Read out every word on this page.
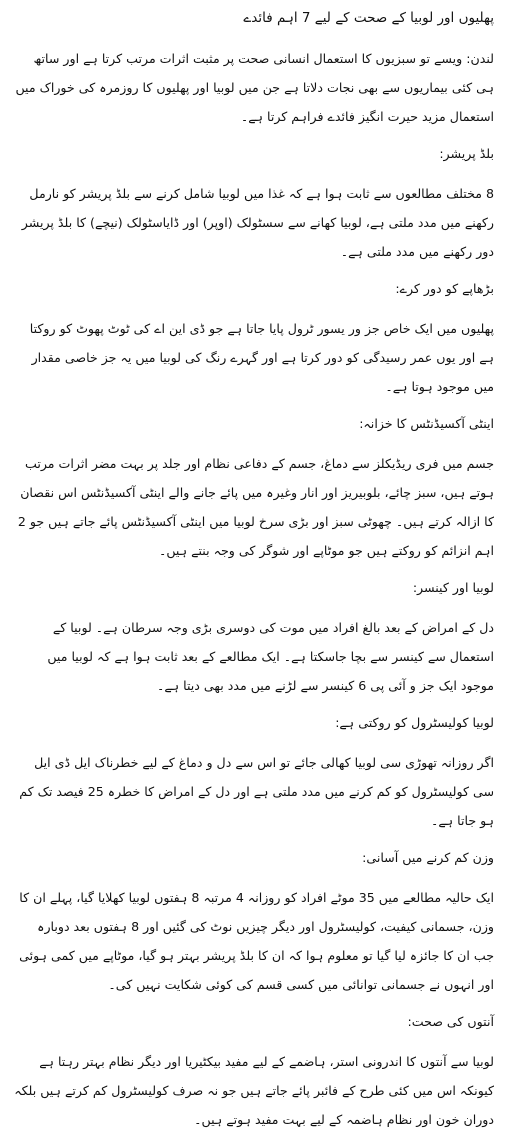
پھلیوں اور لوبیا کے صحت کے لیے 7 اہم فائدے

لندن: ویسے تو سبزیوں کا استعمال انسانی صحت پر مثبت اثرات مرتب کرتا ہے اور ساتھ ہی کئی بیماریوں سے بھی نجات دلاتا ہے جن میں لوبیا اور پھلیوں کا روزمرہ کی خوراک میں استعمال مزید حیرت انگیز فائدے فراہم کرتا ہے۔

بلڈ پریشر:

8 مختلف مطالعوں سے ثابت ہوا ہے کہ غذا میں لوبیا شامل کرنے سے بلڈ پریشر کو نارمل رکھنے میں مدد ملتی ہے، لوبیا کھانے سے سسٹولک (اوپر) اور ڈایاسٹولک (نیچے) کا بلڈ پریشر دور رکھنے میں مدد ملتی ہے۔

بڑھاپے کو دور کرے:

پھلیوں میں ایک خاص جز ور یسور ٹرول پایا جاتا ہے جو ڈی این اے کی ٹوٹ پھوٹ کو روکتا ہے اور یوں عمر رسیدگی کو دور کرتا ہے اور گہرے رنگ کی لوبیا میں یہ جز خاصی مقدار میں موجود ہوتا ہے۔

اینٹی آکسیڈنٹس کا خزانہ:

جسم میں فری ریڈیکلز سے دماغ، جسم کے دفاعی نظام اور جلد پر بہت مضر اثرات مرتب ہوتے ہیں، سبز چائے، بلوبیریز اور انار وغیرہ میں پائے جانے والے اینٹی آکسیڈنٹس اس نقصان کا ازالہ کرتے ہیں۔ چھوٹی سبز اور بڑی سرخ لوبیا میں اینٹی آکسیڈنٹس پائے جاتے ہیں جو 2 اہم انزائم کو روکتے ہیں جو موٹاپے اور شوگر کی وجہ بنتے ہیں۔

لوبیا اور کینسر:

دل کے امراض کے بعد بالغ افراد میں موت کی دوسری بڑی وجہ سرطان ہے۔ لوبیا کے استعمال سے کینسر سے بچا جاسکتا ہے۔ ایک مطالعے کے بعد ثابت ہوا ہے کہ لوبیا میں موجود ایک جز و آئی پی 6 کینسر سے لڑنے میں مدد بھی دیتا ہے۔

لوبیا کولیسٹرول کو روکتی ہے:

اگر روزانہ تھوڑی سی لوبیا کھالی جائے تو اس سے دل و دماغ کے لیے خطرناک ایل ڈی ایل سی کولیسٹرول کو کم کرنے میں مدد ملتی ہے اور دل کے امراض کا خطرہ 25 فیصد تک کم ہو جاتا ہے۔

وزن کم کرنے میں آسانی:

ایک حالیہ مطالعے میں 35 موٹے افراد کو روزانہ 4 مرتبہ 8 ہفتوں لوبیا کھلایا گیا، پہلے ان کا وزن، جسمانی کیفیت، کولیسٹرول اور دیگر چیزیں نوٹ کی گئیں اور 8 ہفتوں بعد دوبارہ جب ان کا جائزہ لیا گیا تو معلوم ہوا کہ ان کا بلڈ پریشر بہتر ہو گیا، موٹاپے میں کمی ہوئی اور انہوں نے جسمانی توانائی میں کسی قسم کی کوئی شکایت نہیں کی۔

آنتوں کی صحت:

لوبیا سے آنتوں کا اندرونی استر، ہاضمے کے لیے مفید بیکٹیریا اور دیگر نظام بہتر رہتا ہے کیونکہ اس میں کئی طرح کے فائبر پائے جاتے ہیں جو نہ صرف کولیسٹرول کم کرتے ہیں بلکہ دوران خون اور نظام ہاضمہ کے لیے بہت مفید ہوتے ہیں۔
